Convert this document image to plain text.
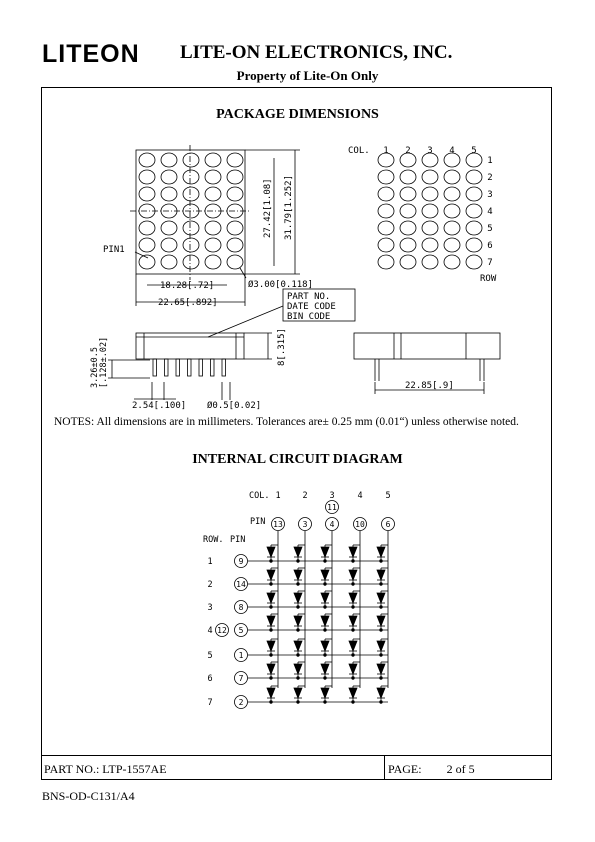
LITEON LITE-ON ELECTRONICS, INC.
Property of Lite-On Only
PACKAGE DIMENSIONS
PIN1
18.28[.72]
22.65[.892]
Ø3.00[0.118]
27.42[1.08] 31.79[1.252]
PART NO.
DATE CODE
BIN CODE
8[.315]
3.26±0.5 [.128±.02]
2.54[.100] Ø0.5[0.02]
22.85[.9]
COL.
ROW
1 2 3 4 5
1
2
3
4
5
6
7
NOTES: All dimensions are in millimeters. Tolerances are± 0.25 mm (0.01“) unless otherwise noted.
INTERNAL CIRCUIT DIAGRAM
COL.
PIN
ROW. PIN
1	2	3	4	5
13 3	4	10	6
11
1
2
3
4
5
6
7
9
14
8
5
1
7
2
12
PART NO.: LTP-1557AE	PAGE: 2 of 5
BNS-OD-C131/A4
